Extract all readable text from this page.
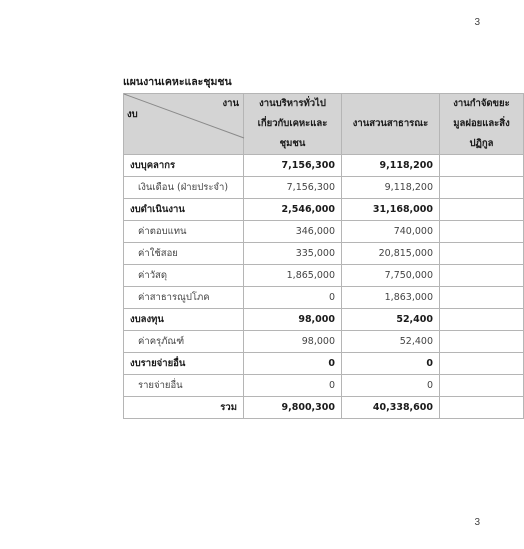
3
แผนงานเคหะและชุมชน
งาน
งบ	งานบริหารทั่วไปเกี่ยวกับเคหะและชุมชน	งานสวนสาธารณะ	งานกำจัดขยะมูลฝอยและสิ่งปฏิกูล
งบบุคลากร	7,156,300	9,118,200	
เงินเดือน (ฝ่ายประจำ)	7,156,300	9,118,200	
งบดำเนินงาน	2,546,000	31,168,000	
ค่าตอบแทน	346,000	740,000	
ค่าใช้สอย	335,000	20,815,000	
ค่าวัสดุ	1,865,000	7,750,000	
ค่าสาธารณูปโภค	0	1,863,000	
งบลงทุน	98,000	52,400	
ค่าครุภัณฑ์	98,000	52,400	
งบรายจ่ายอื่น	0	0	
รายจ่ายอื่น	0	0	
รวม	9,800,300	40,338,600	
3
